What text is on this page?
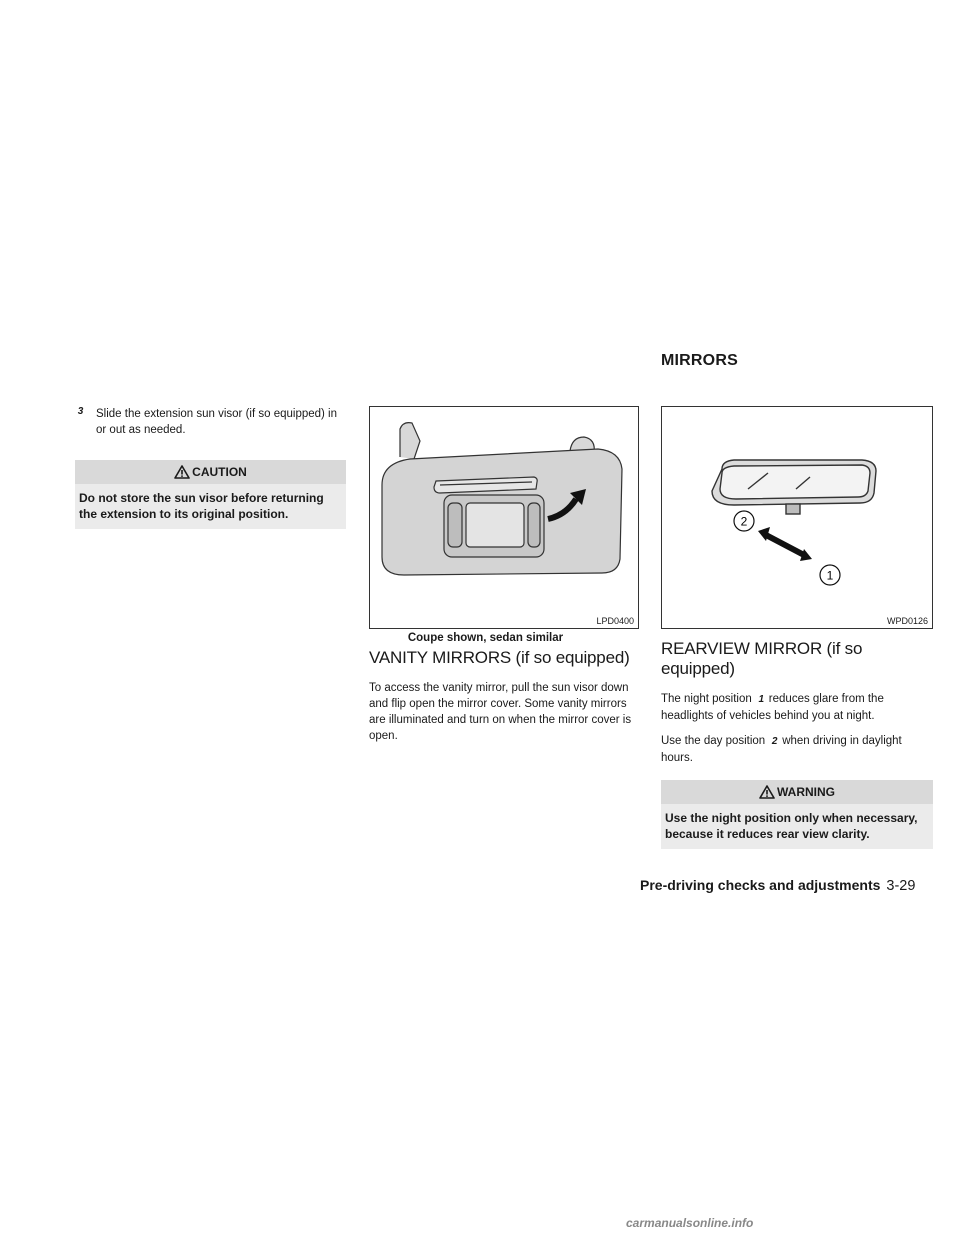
MIRRORS
3 Slide the extension sun visor (if so equipped) in or out as needed.

CAUTION
Do not store the sun visor before returning the extension to its original position.
LPD0400
Coupe shown, sedan similar
VANITY MIRRORS (if so equipped)

To access the vanity mirror, pull the sun visor down and flip open the mirror cover. Some vanity mirrors are illuminated and turn on when the mirror cover is open.

2
1
WPD0126
REARVIEW MIRROR (if so equipped)

The night position 1 reduces glare from the headlights of vehicles behind you at night.

Use the day position 2 when driving in daylight hours.

WARNING
Use the night position only when necessary, because it reduces rear view clarity.
Pre-driving checks and adjustments 3-29
carmanualsonline.info
